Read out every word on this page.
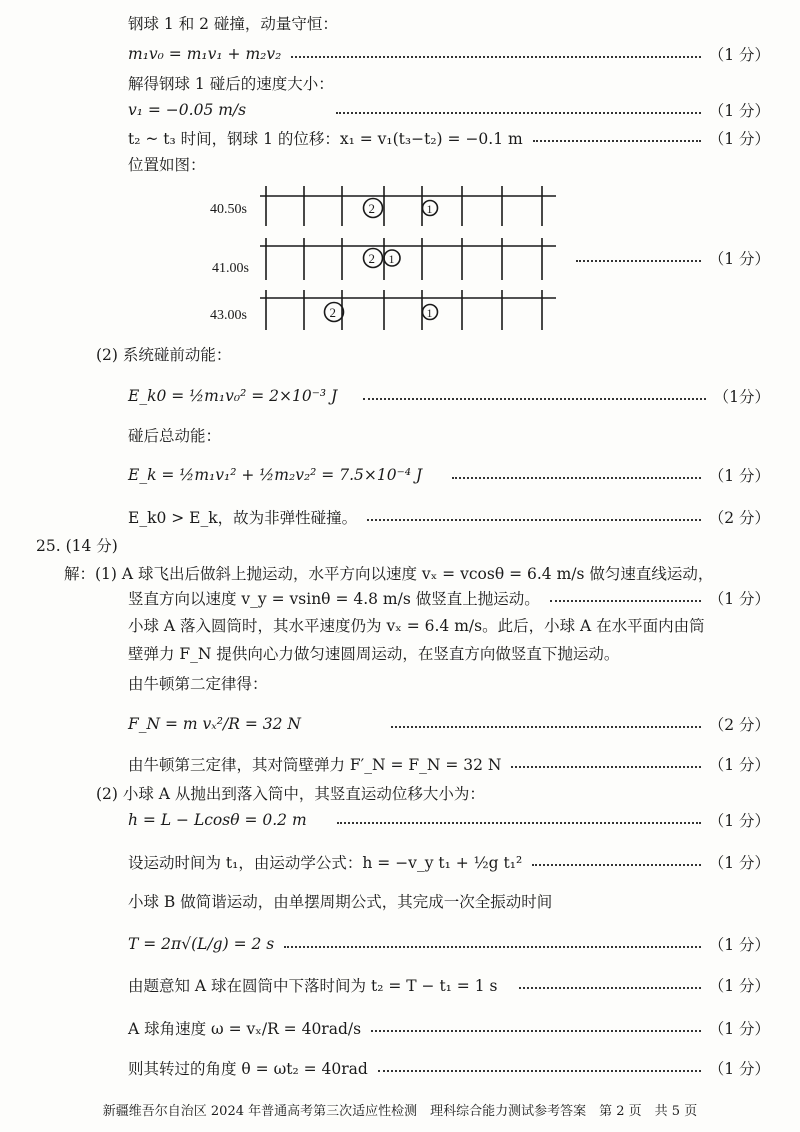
钢球 1 和 2 碰撞，动量守恒：
m₁v₀ = m₁v₁ + m₂v₂	（1 分）
解得钢球 1 碰后的速度大小：
v₁ = −0.05 m/s	（1 分）
t₂ ~ t₃ 时间，钢球 1 的位移：x₁ = v₁(t₃−t₂) = −0.1 m	（1 分）
位置如图：
40.50s
41.00s
43.00s
2	1
2 1
2	1
（1 分）
(2) 系统碰前动能：
E_k0 = ½m₁v₀² = 2×10⁻³ J	（1分）
碰后总动能：
E_k = ½m₁v₁² + ½m₂v₂² = 7.5×10⁻⁴ J	（1 分）
E_k0 > E_k，故为非弹性碰撞。	（2 分）
25. (14 分)
解：(1) A 球飞出后做斜上抛运动，水平方向以速度 vₓ = vcosθ = 6.4 m/s 做匀速直线运动，
竖直方向以速度 v_y = vsinθ = 4.8 m/s 做竖直上抛运动。	（1 分）
小球 A 落入圆筒时，其水平速度仍为 vₓ = 6.4 m/s。此后，小球 A 在水平面内由筒
壁弹力 F_N 提供向心力做匀速圆周运动，在竖直方向做竖直下抛运动。
由牛顿第二定律得：
F_N = m vₓ²/R = 32 N	（2 分）
由牛顿第三定律，其对筒壁弹力 F′_N = F_N = 32 N	（1 分）
(2) 小球 A 从抛出到落入筒中，其竖直运动位移大小为：
h = L − Lcosθ = 0.2 m	（1 分）
设运动时间为 t₁，由运动学公式：h = −v_y t₁ + ½g t₁²	（1 分）
小球 B 做简谐运动，由单摆周期公式，其完成一次全振动时间
T = 2π√(L/g) = 2 s	（1 分）
由题意知 A 球在圆筒中下落时间为 t₂ = T − t₁ = 1 s	（1 分）
A 球角速度 ω = vₓ/R = 40rad/s	（1 分）
则其转过的角度 θ = ωt₂ = 40rad	（1 分）
新疆维吾尔自治区 2024 年普通高考第三次适应性检测　理科综合能力测试参考答案　第 2 页　共 5 页
